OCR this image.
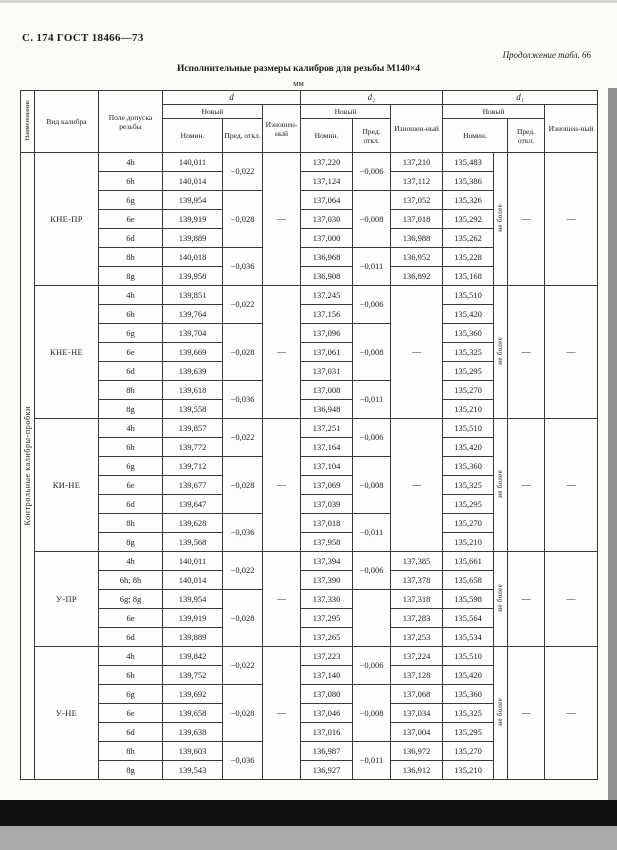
С. 174 ГОСТ 18466—73
Продолжение табл. 66
Исполнительные размеры калибров для резьбы М140×4
мм
Наименование	Вид калибра	Поле допуска резьбы	d			d₂			d₁			
			Новый		Изношен-ный	Новый		Изношен-ный	Новый			Изношен-ный
			Номин.	Пред. откл.		Номин.	Пред. откл.		Номин.		Пред. откл.	
Контрольные калибры-пробки	КНЕ-ПР	4h	140,011	−0,022	—	137,220	−0,006	137,210	135,483	не более	—	—
		6h	140,014			137,124		137,112	135,386			
		6g	139,954	−0,028		137,064	−0,008	137,052	135,326			
		6e	139,919			137,030		137,018	135,292			
		6d	139,889			137,000		136,988	135,262			
		8h	140,018	−0,036		136,968	−0,011	136,952	135,228			
		8g	139,958			136,908		136,892	135,168			
	КНЕ-НЕ	4h	139,851	−0,022	—	137,245	−0,006	—	135,510	не более	—	—
		6h	139,764			137,156			135,420			
		6g	139,704	−0,028		137,096	−0,008		135,360			
		6e	139,669			137,061			135,325			
		6d	139,639			137,031			135,295			
		8h	139,618	−0,036		137,008	−0,011		135,270			
		8g	139,558			136,948			135,210			
	КИ-НЕ	4h	139,857	−0,022	—	137,251	−0,006	—	135,510	не более	—	—
		6h	139,772			137,164			135,420			
		6g	139,712	−0,028		137,104	−0,008		135,360			
		6e	139,677			137,069			135,325			
		6d	139,647			137,039			135,295			
		8h	139,628	−0,036		137,018	−0,011		135,270			
		8g	139,568			137,958			135,210			
	У-ПР	4h	140,011	−0,022	—	137,394	−0,006	137,385	135,661	не более	—	—
		6h; 8h	140,014			137,390		137,378	135,658			
		6g; 8g	139,954	−0,028		137,330		137,318	135,598			
		6e	139,919			137,295		137,283	135,564			
		6d	139,889			137,265		137,253	135,534			
	У-НЕ	4h	139,842	−0,022	—	137,223	−0,006	137,224	135,510	не более	—	—
		6h	139,752			137,140		137,128	135,420			
		6g	139,692	−0,028		137,080	−0,008	137,068	135,360			
		6e	139,658			137,046		137,034	135,325			
		6d	139,638			137,016		137,004	135,295			
		8h	139,603	−0,036		136,987	−0,011	136,972	135,270			
		8g	139,543			136,927		136,912	135,210			
